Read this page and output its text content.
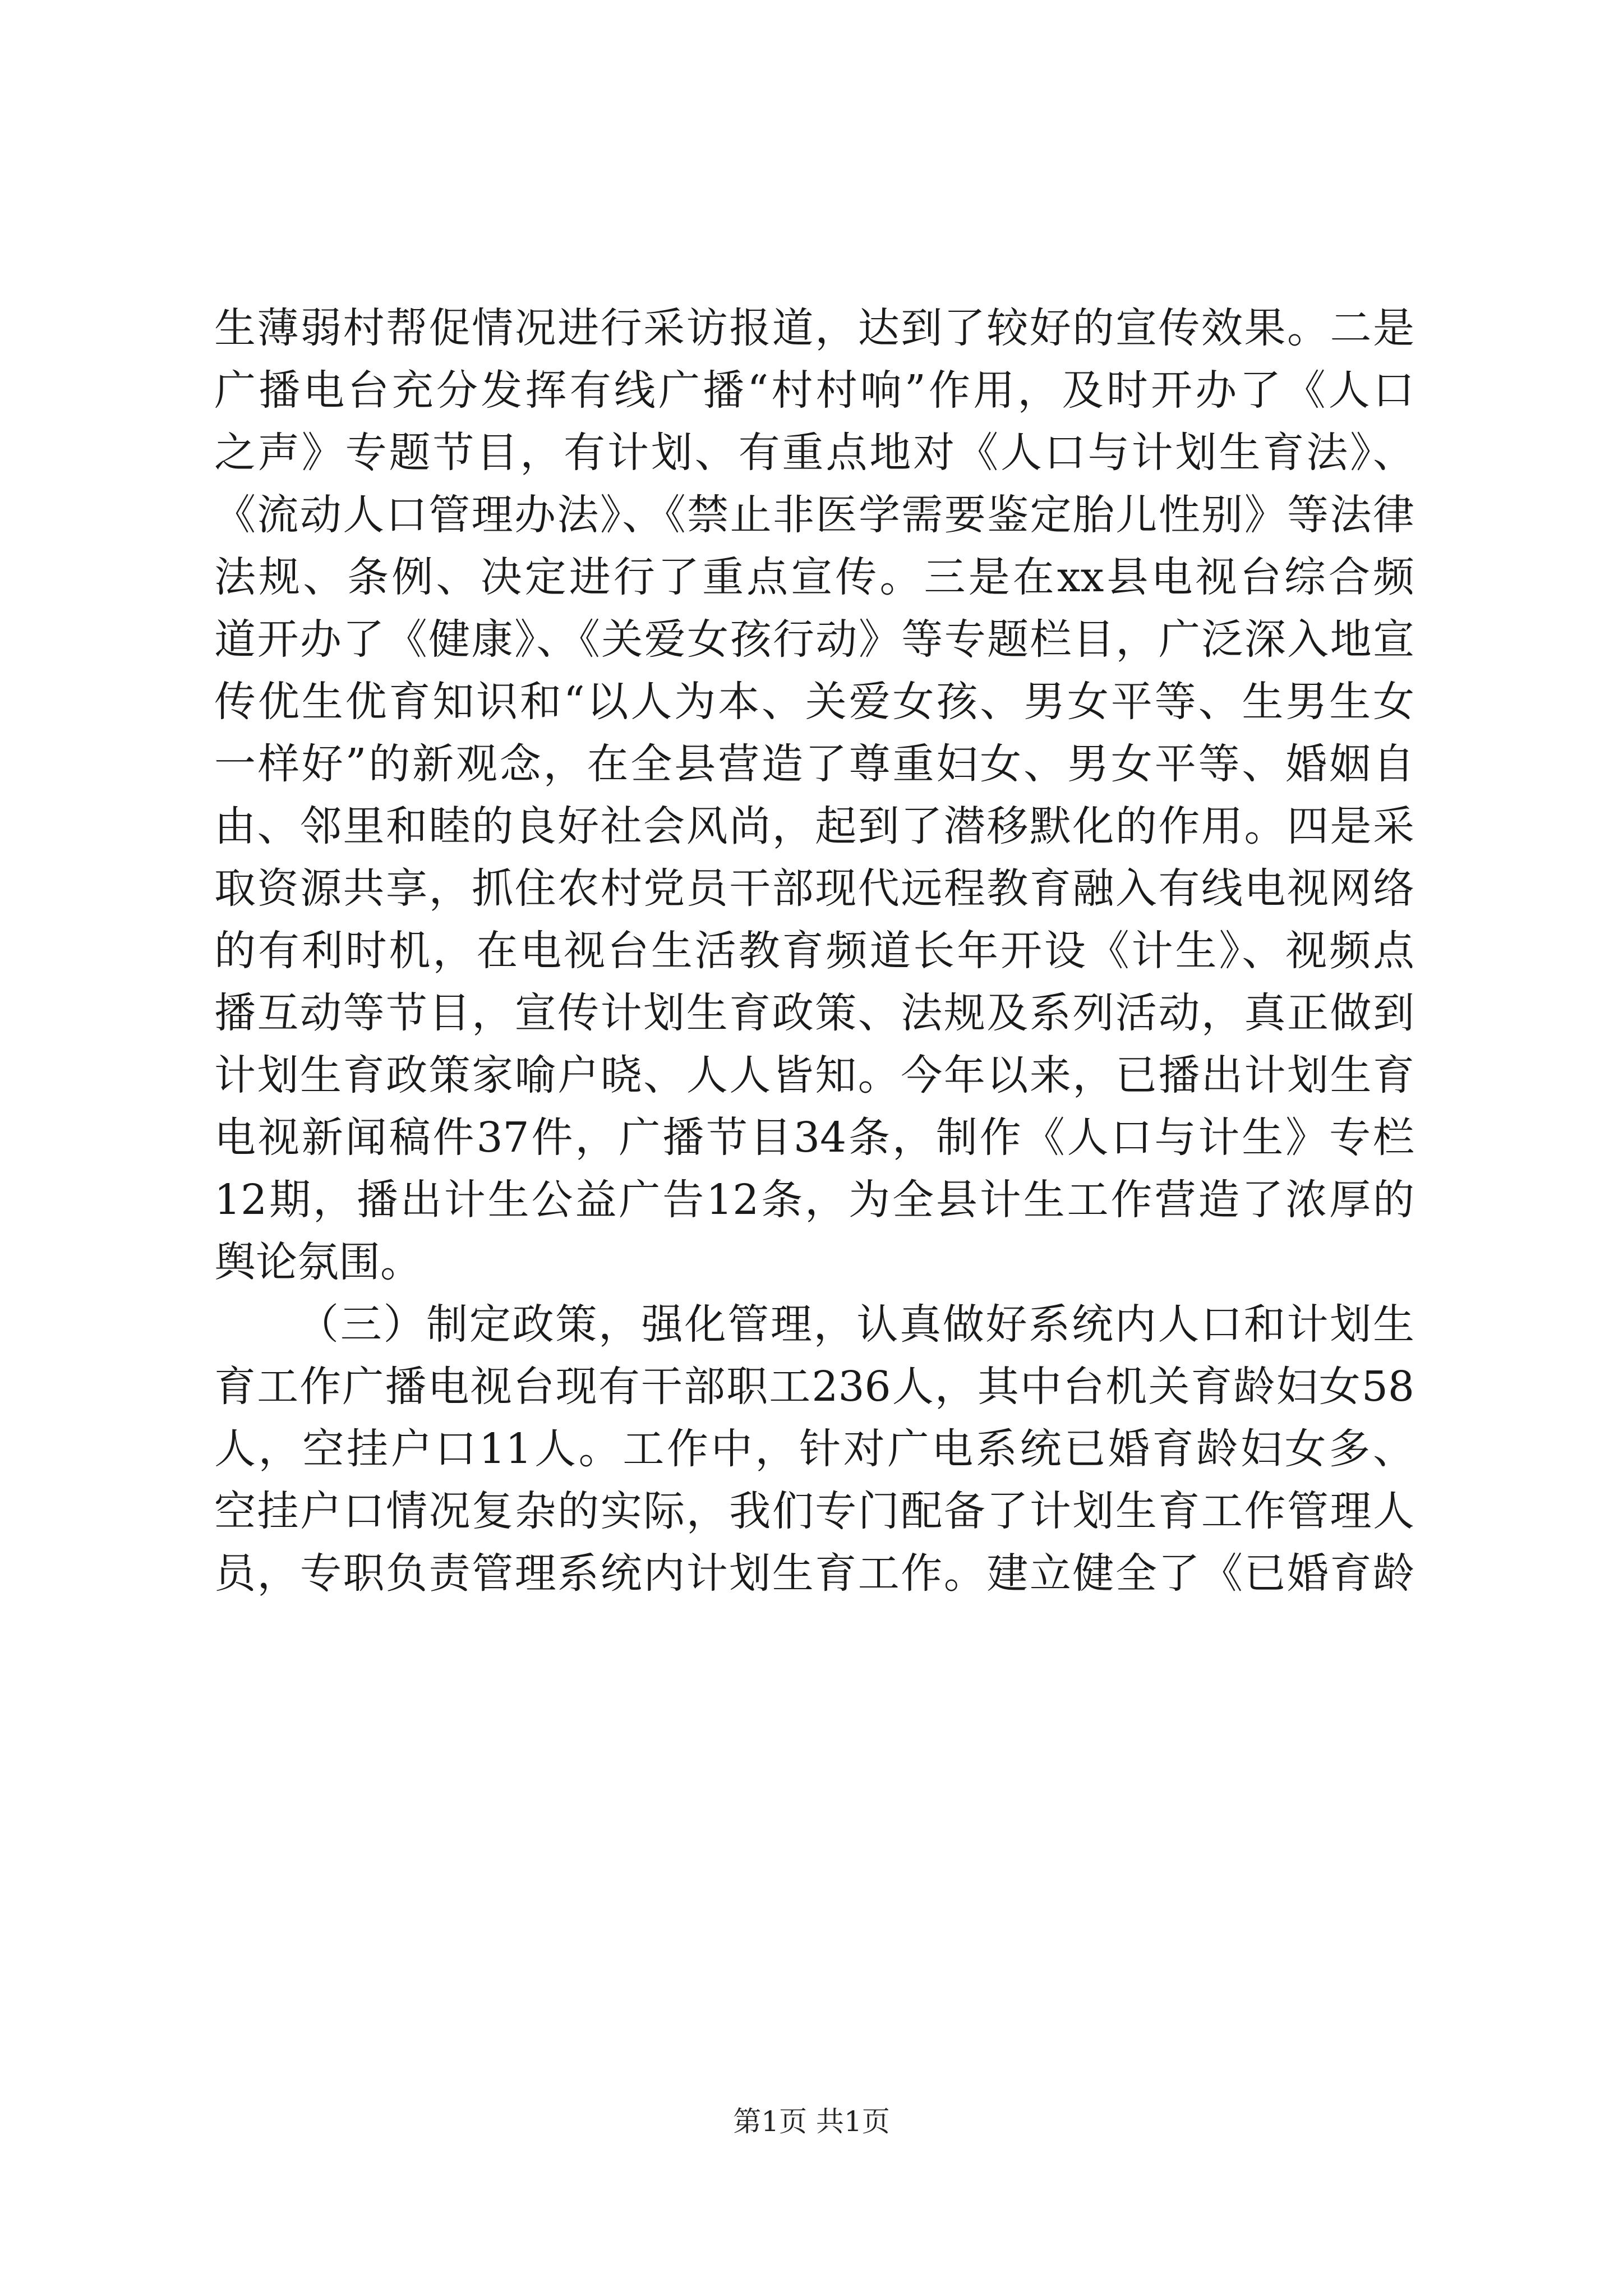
生薄弱村帮促情况进行采访报道，达到了较好的宣传效果。二是
广播电台充分发挥有线广播“村村响”作用，及时开办了《人口
之声》专题节目，有计划、有重点地对《人口与计划生育法》、
《流动人口管理办法》、《禁止非医学需要鉴定胎儿性别》等法律
法规、条例、决定进行了重点宣传。三是在xx县电视台综合频
道开办了《健康》、《关爱女孩行动》等专题栏目，广泛深入地宣
传优生优育知识和“以人为本、关爱女孩、男女平等、生男生女
一样好”的新观念，在全县营造了尊重妇女、男女平等、婚姻自
由、邻里和睦的良好社会风尚，起到了潜移默化的作用。四是采
取资源共享，抓住农村党员干部现代远程教育融入有线电视网络
的有利时机，在电视台生活教育频道长年开设《计生》、视频点
播互动等节目，宣传计划生育政策、法规及系列活动，真正做到
计划生育政策家喻户晓、人人皆知。今年以来，已播出计划生育
电视新闻稿件37件，广播节目34条，制作《人口与计生》专栏
12期，播出计生公益广告12条，为全县计生工作营造了浓厚的
舆论氛围。
（三）制定政策，强化管理，认真做好系统内人口和计划生
育工作广播电视台现有干部职工236人，其中台机关育龄妇女58
人，空挂户口11人。工作中，针对广电系统已婚育龄妇女多、
空挂户口情况复杂的实际，我们专门配备了计划生育工作管理人
员，专职负责管理系统内计划生育工作。建立健全了《已婚育龄
第1页 共1页
